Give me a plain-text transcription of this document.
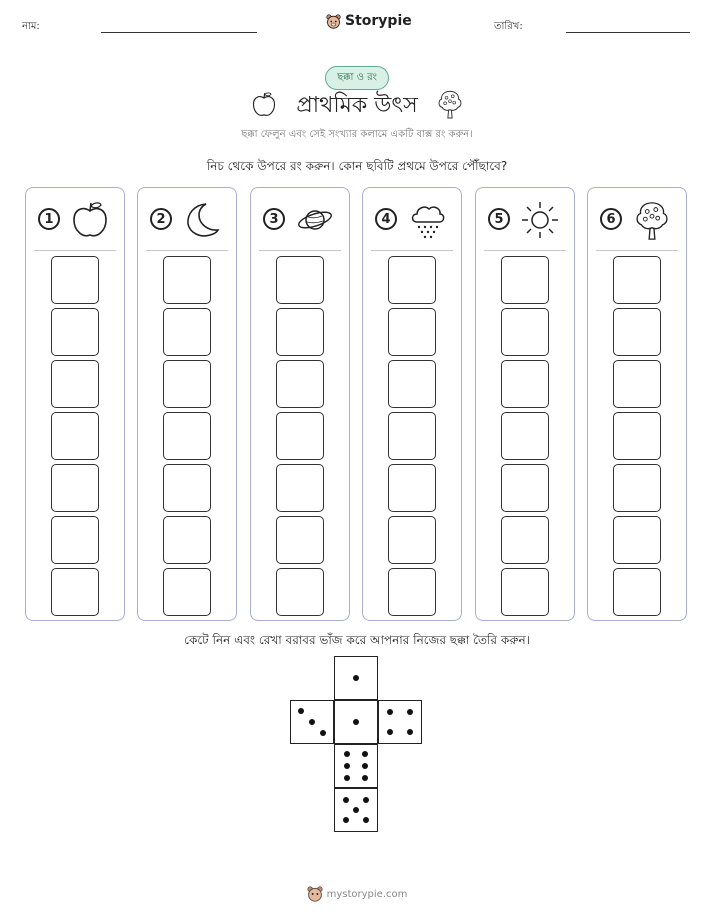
নাম:	Storypie	তারিখ:
ছক্কা ও রং
প্রাথমিক উৎস
ছক্কা ফেলুন এবং সেই সংখ্যার কলামে একটি বাক্স রং করুন।
নিচ থেকে উপরে রং করুন। কোন ছবিটি প্রথমে উপরে পৌঁছাবে?
1	2	3	4	5	6
কেটে নিন এবং রেখা বরাবর ভাঁজ করে আপনার নিজের ছক্কা তৈরি করুন।
mystorypie.com
